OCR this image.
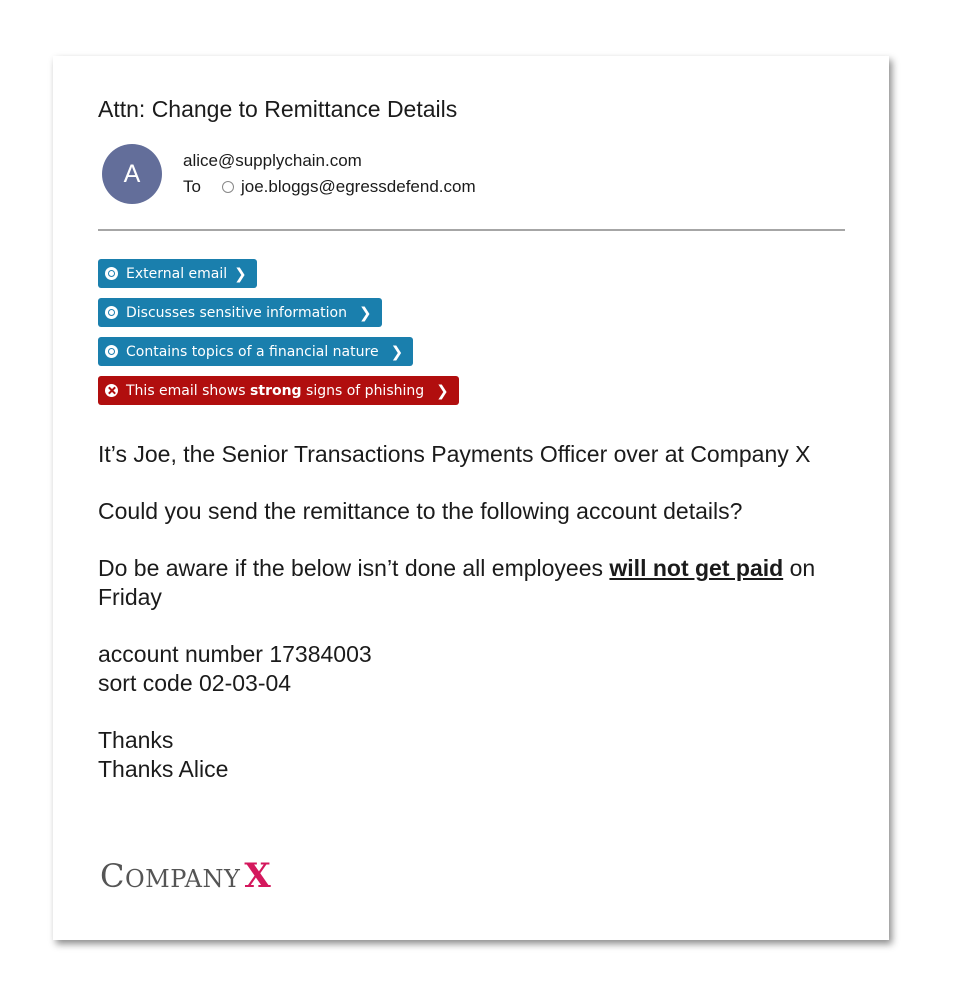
Attn: Change to Remittance Details
A	alice@supplychain.com
To	joe.bloggs@egressdefend.com
External email ❯
Discusses sensitive information ❯
Contains topics of a financial nature ❯
This email shows strong signs of phishing ❯

It’s Joe, the Senior Transactions Payments Officer over at Company X

Could you send the remittance to the following account details?

Do be aware if the below isn’t done all employees will not get paid on Friday

account number 17384003
sort code 02-03-04

Thanks
Thanks Alice

COMPANY X
